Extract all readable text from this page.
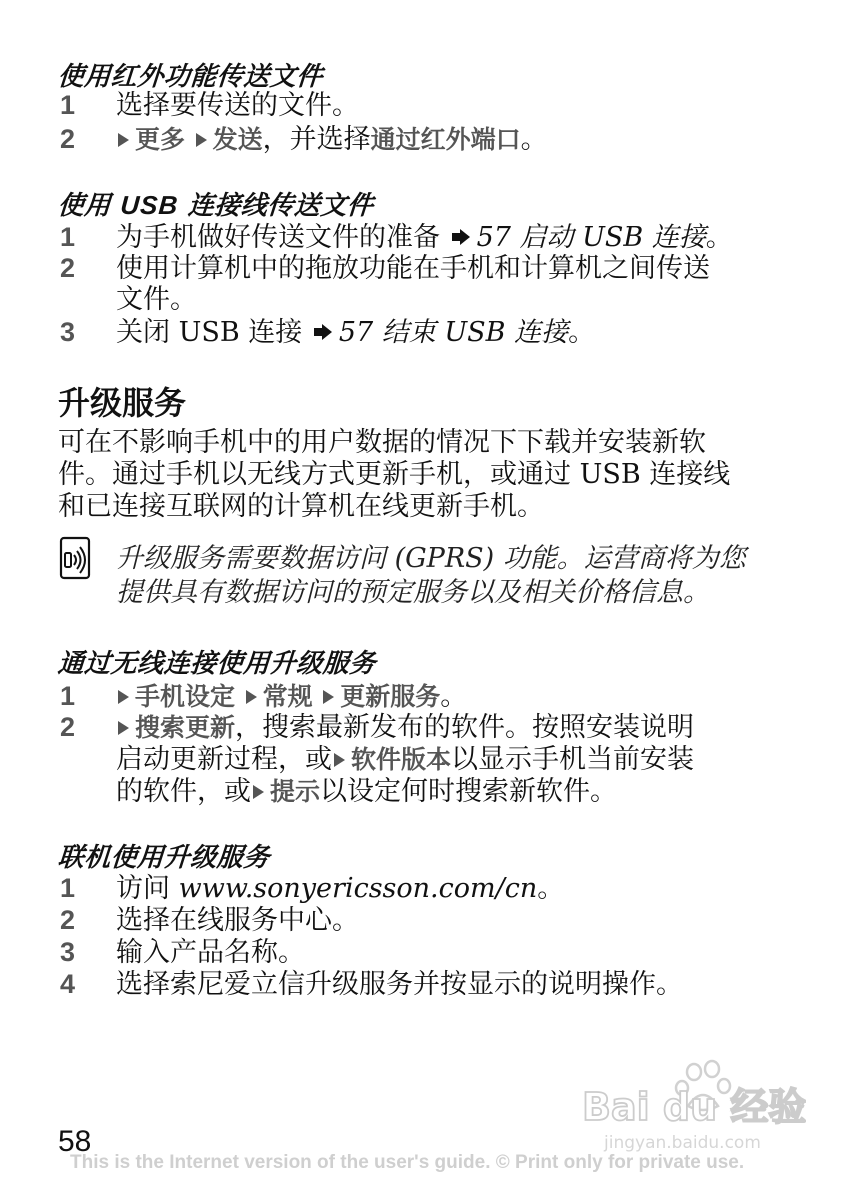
使用红外功能传送文件
1 选择要传送的文件。
2	更多 发送，并选择通过红外端口。
使用 USB 连接线传送文件
1 为手机做好传送文件的准备 57 启动 USB 连接。
2 使用计算机中的拖放功能在手机和计算机之间传送
文件。
3 关闭 USB 连接 57 结束 USB 连接。
升级服务
可在不影响手机中的用户数据的情况下下载并安装新软
件。通过手机以无线方式更新手机，或通过 USB 连接线
和已连接互联网的计算机在线更新手机。
升级服务需要数据访问 (GPRS) 功能。运营商将为您
提供具有数据访问的预定服务以及相关价格信息。
通过无线连接使用升级服务
1	手机设定 常规 更新服务。
2	搜索更新，搜索最新发布的软件。按照安装说明
启动更新过程，或 软件版本以显示手机当前安装
的软件，或 提示以设定何时搜索新软件。
联机使用升级服务
1 访问 www.sonyericsson.com/cn。
2 选择在线服务中心。
3 输入产品名称。
4 选择索尼爱立信升级服务并按显示的说明操作。
Bai du 经验
jingyan.baidu.com
58
This is the Internet version of the user's guide. © Print only for private use.
